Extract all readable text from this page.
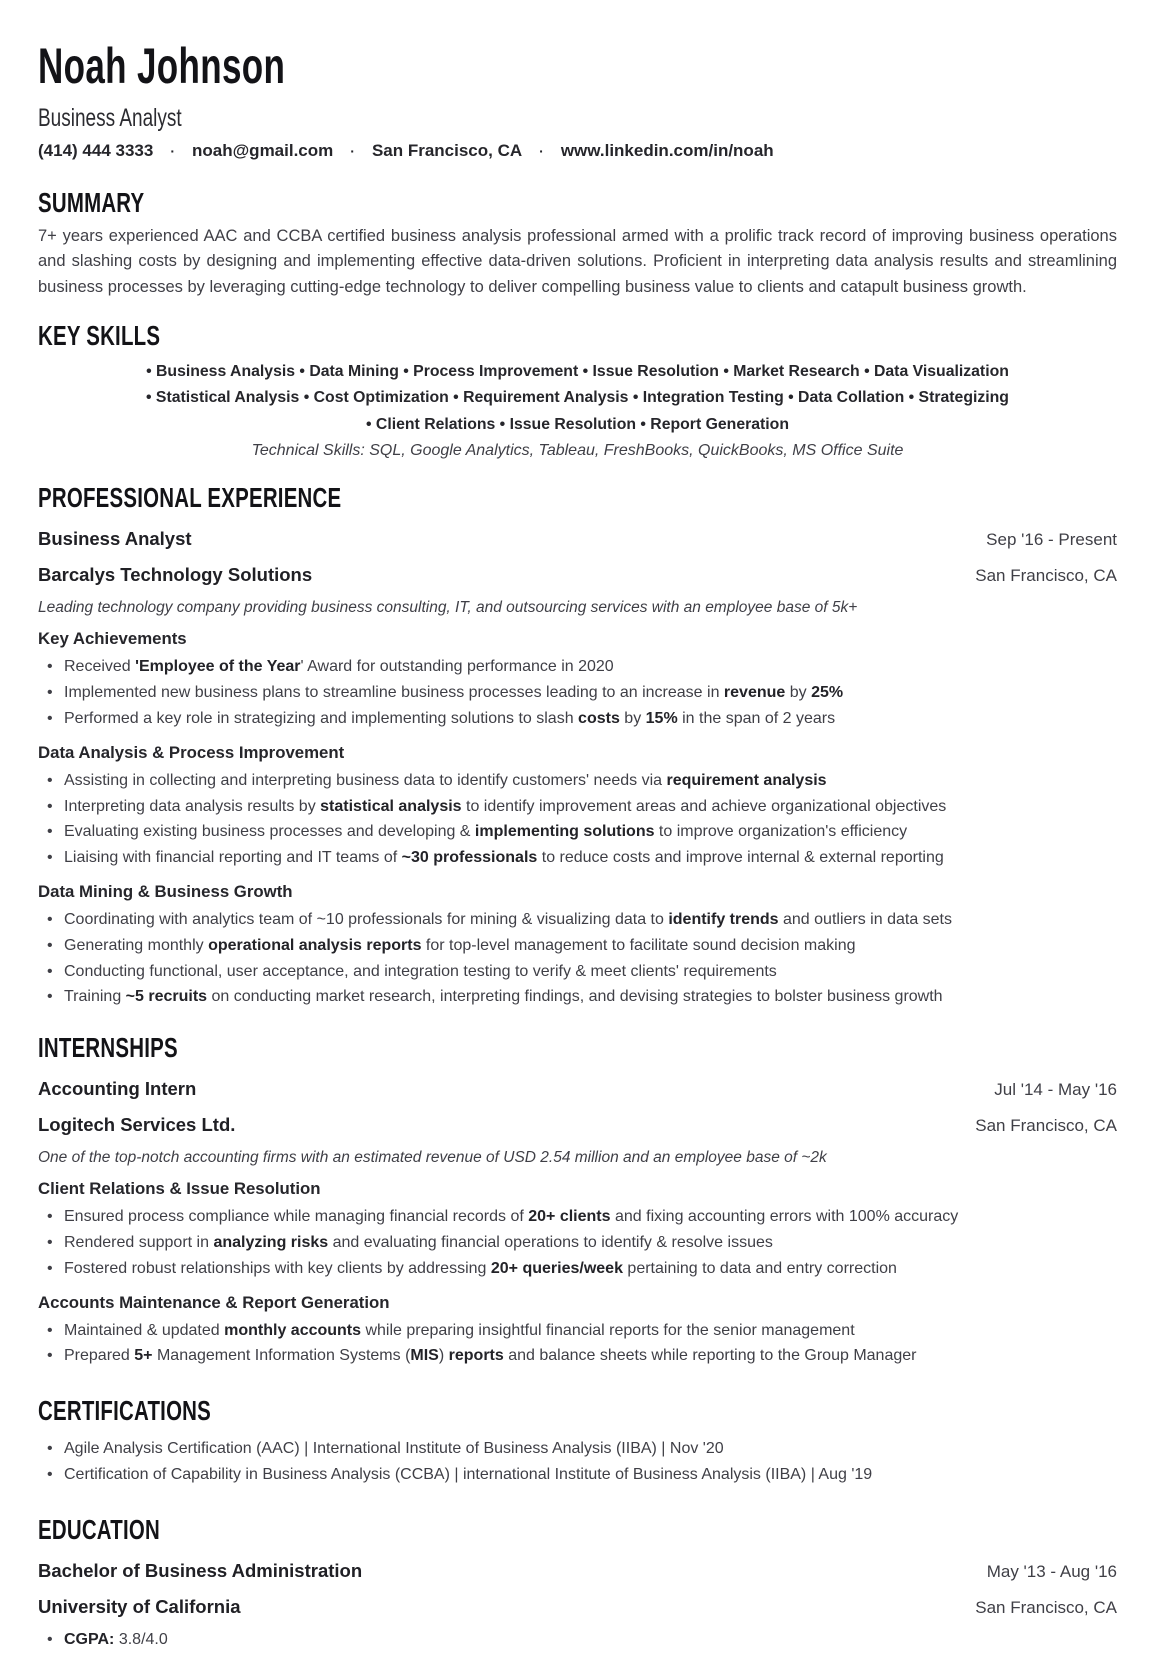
Noah Johnson
Business Analyst
(414) 444 3333 · noah@gmail.com · San Francisco, CA · www.linkedin.com/in/noah
SUMMARY

7+ years experienced AAC and CCBA certified business analysis professional armed with a prolific track record of improving business operations and slashing costs by designing and implementing effective data-driven solutions. Proficient in interpreting data analysis results and streamlining business processes by leveraging cutting-edge technology to deliver compelling business value to clients and catapult business growth.

KEY SKILLS
• Business Analysis • Data Mining • Process Improvement • Issue Resolution • Market Research • Data Visualization
• Statistical Analysis • Cost Optimization • Requirement Analysis • Integration Testing • Data Collation • Strategizing
• Client Relations • Issue Resolution • Report Generation
Technical Skills: SQL, Google Analytics, Tableau, FreshBooks, QuickBooks, MS Office Suite
PROFESSIONAL EXPERIENCE
Business Analyst	Sep '16 - Present
Barcalys Technology Solutions	San Francisco, CA
Leading technology company providing business consulting, IT, and outsourcing services with an employee base of 5k+
Key Achievements
• Received 'Employee of the Year' Award for outstanding performance in 2020
• Implemented new business plans to streamline business processes leading to an increase in revenue by 25%
• Performed a key role in strategizing and implementing solutions to slash costs by 15% in the span of 2 years
Data Analysis & Process Improvement
• Assisting in collecting and interpreting business data to identify customers' needs via requirement analysis
• Interpreting data analysis results by statistical analysis to identify improvement areas and achieve organizational objectives
• Evaluating existing business processes and developing & implementing solutions to improve organization's efficiency
• Liaising with financial reporting and IT teams of ~30 professionals to reduce costs and improve internal & external reporting
Data Mining & Business Growth
• Coordinating with analytics team of ~10 professionals for mining & visualizing data to identify trends and outliers in data sets
• Generating monthly operational analysis reports for top-level management to facilitate sound decision making
• Conducting functional, user acceptance, and integration testing to verify & meet clients' requirements
• Training ~5 recruits on conducting market research, interpreting findings, and devising strategies to bolster business growth
INTERNSHIPS
Accounting Intern	Jul '14 - May '16
Logitech Services Ltd.	San Francisco, CA
One of the top-notch accounting firms with an estimated revenue of USD 2.54 million and an employee base of ~2k
Client Relations & Issue Resolution
• Ensured process compliance while managing financial records of 20+ clients and fixing accounting errors with 100% accuracy
• Rendered support in analyzing risks and evaluating financial operations to identify & resolve issues
• Fostered robust relationships with key clients by addressing 20+ queries/week pertaining to data and entry correction
Accounts Maintenance & Report Generation
• Maintained & updated monthly accounts while preparing insightful financial reports for the senior management
• Prepared 5+ Management Information Systems (MIS) reports and balance sheets while reporting to the Group Manager
CERTIFICATIONS
• Agile Analysis Certification (AAC) | International Institute of Business Analysis (IIBA) | Nov '20
• Certification of Capability in Business Analysis (CCBA) | international Institute of Business Analysis (IIBA) | Aug '19
EDUCATION
Bachelor of Business Administration	May '13 - Aug '16
University of California	San Francisco, CA
• CGPA: 3.8/4.0
